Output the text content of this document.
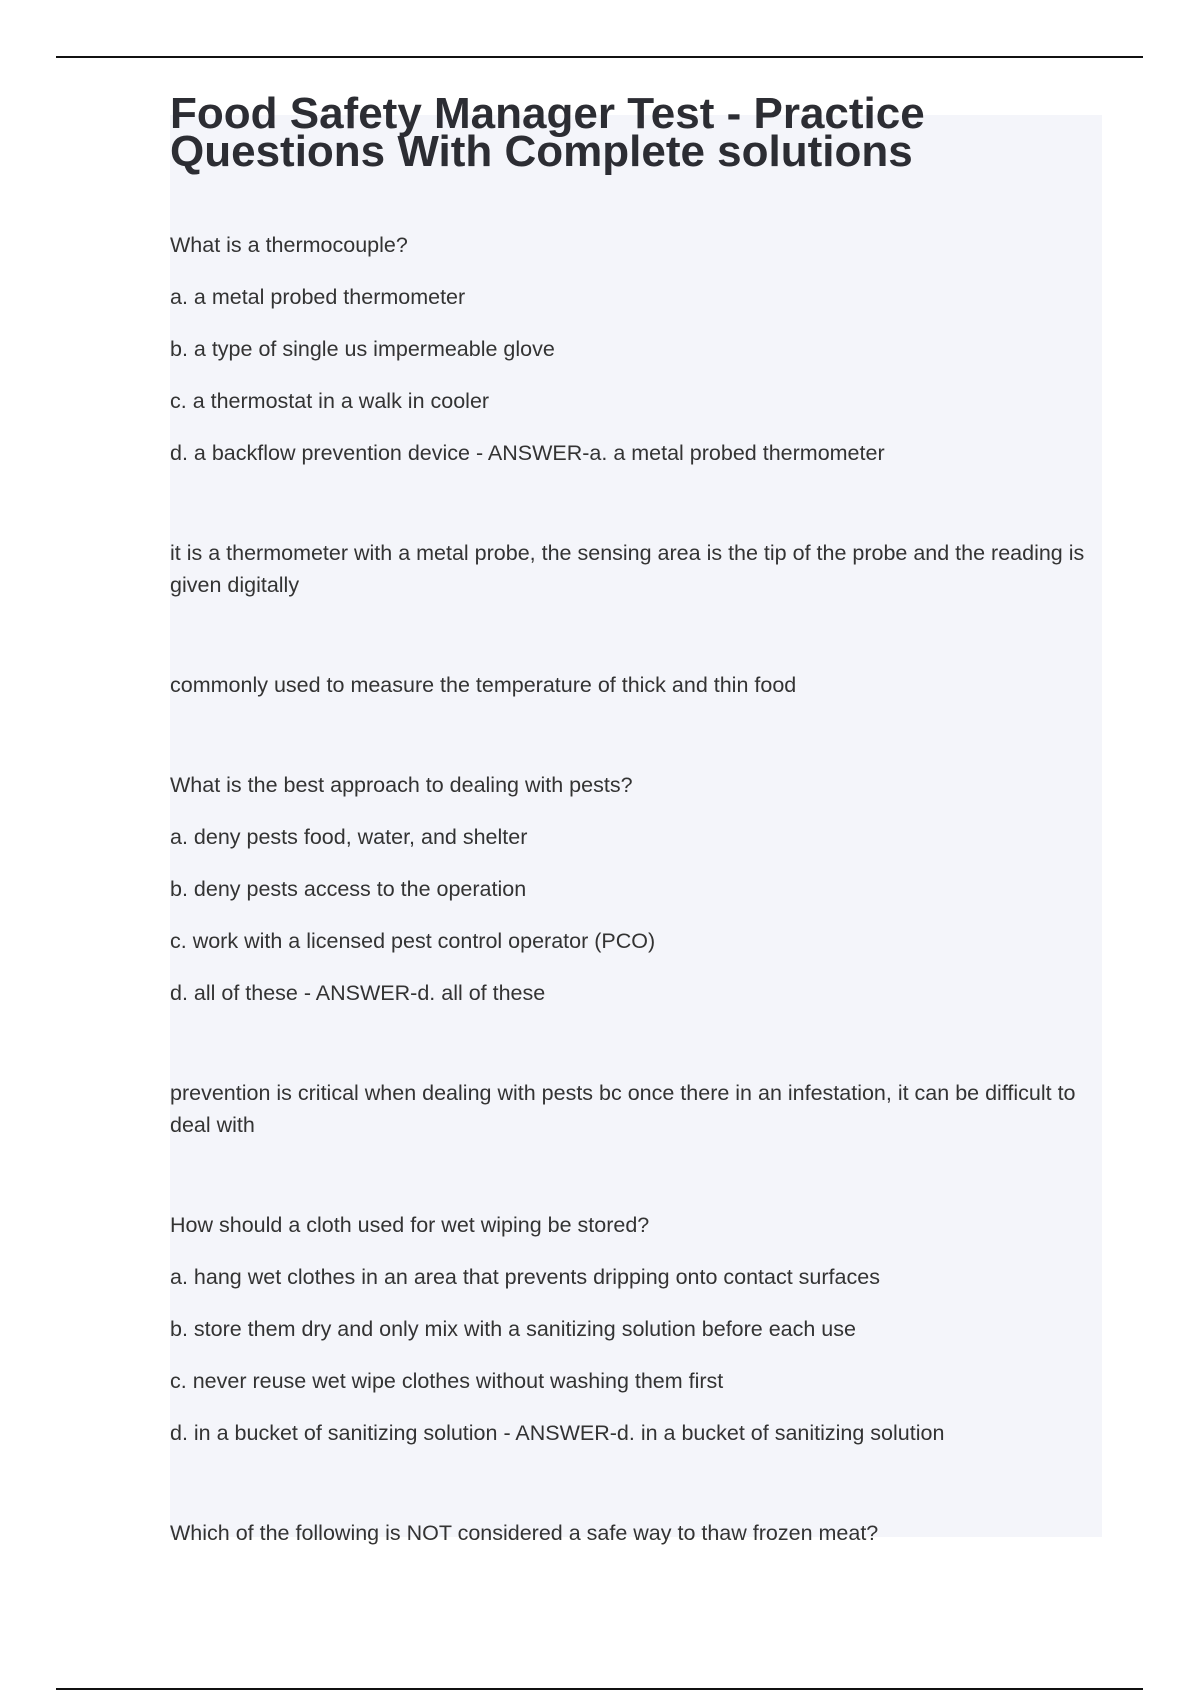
Food Safety Manager Test - Practice Questions With Complete solutions

What is a thermocouple?

a. a metal probed thermometer

b. a type of single us impermeable glove

c. a thermostat in a walk in cooler

d. a backflow prevention device - ANSWER-a. a metal probed thermometer

it is a thermometer with a metal probe, the sensing area is the tip of the probe and the reading is given digitally

commonly used to measure the temperature of thick and thin food

What is the best approach to dealing with pests?

a. deny pests food, water, and shelter

b. deny pests access to the operation

c. work with a licensed pest control operator (PCO)

d. all of these - ANSWER-d. all of these

prevention is critical when dealing with pests bc once there in an infestation, it can be difficult to deal with

How should a cloth used for wet wiping be stored?

a. hang wet clothes in an area that prevents dripping onto contact surfaces

b. store them dry and only mix with a sanitizing solution before each use

c. never reuse wet wipe clothes without washing them first

d. in a bucket of sanitizing solution - ANSWER-d. in a bucket of sanitizing solution

Which of the following is NOT considered a safe way to thaw frozen meat?
